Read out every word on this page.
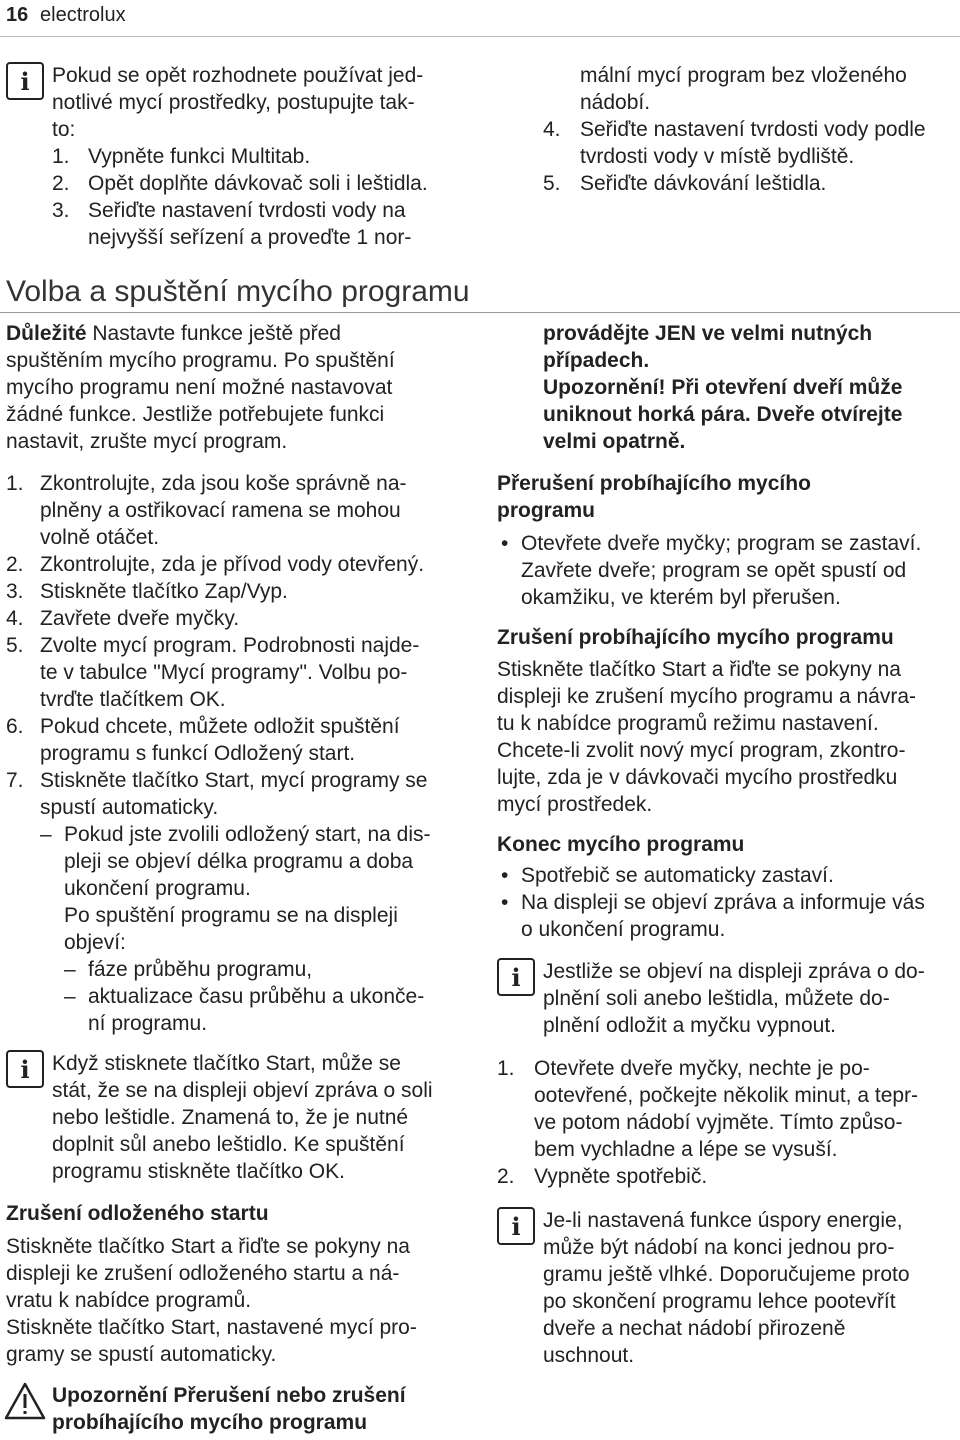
16 electrolux
i	Pokud se opět rozhodnete používat jed-
notlivé mycí prostředky, postupujte tak-
to:
1. Vypněte funkci Multitab.
2. Opět doplňte dávkovač soli i leštidla.
3. Seřiďte nastavení tvrdosti vody na
nejvyšší seřízení a proveďte 1 nor-
Volba a spuštění mycího programu
Důležité Nastavte funkce ještě před
spuštěním mycího programu. Po spuštění
mycího programu není možné nastavovat
žádné funkce. Jestliže potřebujete funkci
nastavit, zrušte mycí program.
1. Zkontrolujte, zda jsou koše správně na-
plněny a ostřikovací ramena se mohou
volně otáčet.
2. Zkontrolujte, zda je přívod vody otevřený.
3. Stiskněte tlačítko Zap/Vyp.
4. Zavřete dveře myčky.
5. Zvolte mycí program. Podrobnosti najde-
te v tabulce "Mycí programy". Volbu po-
tvrďte tlačítkem OK.
6. Pokud chcete, můžete odložit spuštění
programu s funkcí Odložený start.
7. Stiskněte tlačítko Start, mycí programy se
spustí automaticky.
– Pokud jste zvolili odložený start, na dis-
pleji se objeví délka programu a doba
ukončení programu.
Po spuštění programu se na displeji
objeví:
– fáze průběhu programu,
– aktualizace času průběhu a ukonče-
ní programu.
i	Když stisknete tlačítko Start, může se
stát, že se na displeji objeví zpráva o soli
nebo leštidle. Znamená to, že je nutné
doplnit sůl anebo leštidlo. Ke spuštění
programu stiskněte tlačítko OK.
Zrušení odloženého startu
Stiskněte tlačítko Start a řiďte se pokyny na
displeji ke zrušení odloženého startu a ná-
vratu k nabídce programů.
Stiskněte tlačítko Start, nastavené mycí pro-
gramy se spustí automaticky.
Upozornění Přerušení nebo zrušení
probíhajícího mycího programu
mální mycí program bez vloženého
nádobí.
4. Seřiďte nastavení tvrdosti vody podle
tvrdosti vody v místě bydliště.
5. Seřiďte dávkování leštidla.
provádějte JEN ve velmi nutných
případech.
Upozornění! Při otevření dveří může
uniknout horká pára. Dveře otvírejte
velmi opatrně.
Přerušení probíhajícího mycího
programu
• Otevřete dveře myčky; program se zastaví.
Zavřete dveře; program se opět spustí od
okamžiku, ve kterém byl přerušen.
Zrušení probíhajícího mycího programu
Stiskněte tlačítko Start a řiďte se pokyny na
displeji ke zrušení mycího programu a návra-
tu k nabídce programů režimu nastavení.
Chcete-li zvolit nový mycí program, zkontro-
lujte, zda je v dávkovači mycího prostředku
mycí prostředek.
Konec mycího programu
• Spotřebič se automaticky zastaví.
• Na displeji se objeví zpráva a informuje vás
o ukončení programu.
i	Jestliže se objeví na displeji zpráva o do-
plnění soli anebo leštidla, můžete do-
plnění odložit a myčku vypnout.
1. Otevřete dveře myčky, nechte je po-
ootevřené, počkejte několik minut, a tepr-
ve potom nádobí vyjměte. Tímto způso-
bem vychladne a lépe se vysuší.
2. Vypněte spotřebič.
i	Je-li nastavená funkce úspory energie,
může být nádobí na konci jednou pro-
gramu ještě vlhké. Doporučujeme proto
po skončení programu lehce pootevřít
dveře a nechat nádobí přirozeně
uschnout.
